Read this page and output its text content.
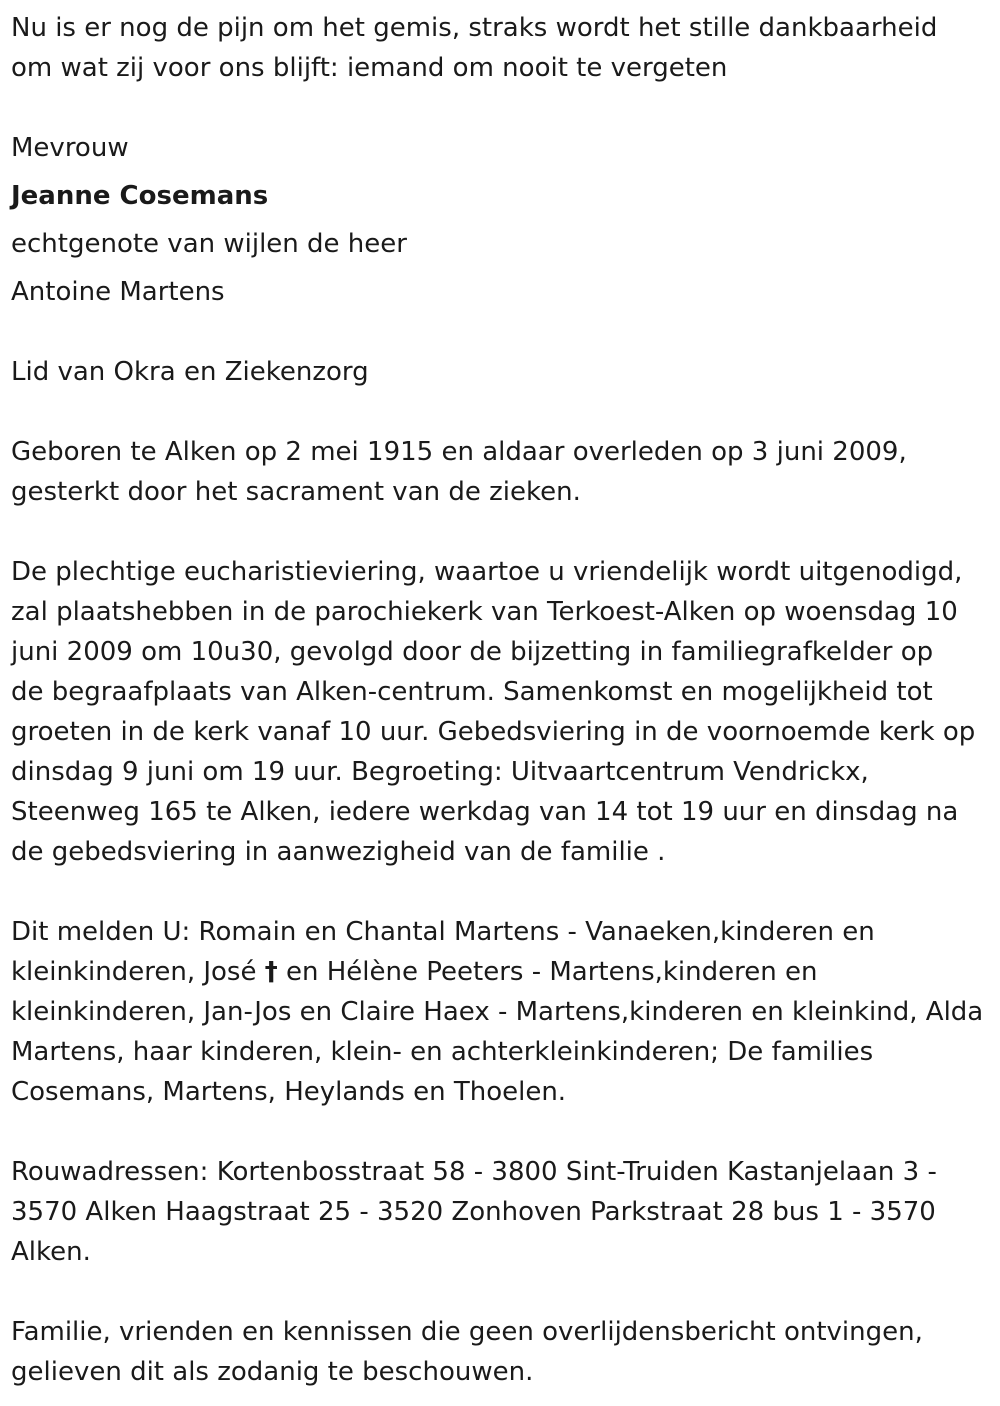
Nu is er nog de pijn om het gemis, straks wordt het stille dankbaarheid

om wat zij voor ons blijft: iemand om nooit te vergeten

Mevrouw

Jeanne Cosemans

echtgenote van wijlen de heer

Antoine Martens

Lid van Okra en Ziekenzorg

Geboren te Alken op 2 mei 1915 en aldaar overleden op 3 juni 2009,

gesterkt door het sacrament van de zieken.

De plechtige eucharistieviering, waartoe u vriendelijk wordt uitgenodigd,

zal plaatshebben in de parochiekerk van Terkoest-Alken op woensdag 10

juni 2009 om 10u30, gevolgd door de bijzetting in familiegrafkelder op

de begraafplaats van Alken-centrum. Samenkomst en mogelijkheid tot

groeten in de kerk vanaf 10 uur. Gebedsviering in de voornoemde kerk op

dinsdag 9 juni om 19 uur. Begroeting: Uitvaartcentrum Vendrickx,

Steenweg 165 te Alken, iedere werkdag van 14 tot 19 uur en dinsdag na

de gebedsviering in aanwezigheid van de familie .

Dit melden U: Romain en Chantal Martens - Vanaeken,kinderen en

kleinkinderen, José † en Hélène Peeters - Martens,kinderen en

kleinkinderen, Jan-Jos en Claire Haex - Martens,kinderen en kleinkind, Alda

Martens, haar kinderen, klein- en achterkleinkinderen; De families

Cosemans, Martens, Heylands en Thoelen.

Rouwadressen: Kortenbosstraat 58 - 3800 Sint-Truiden Kastanjelaan 3 -

3570 Alken Haagstraat 25 - 3520 Zonhoven Parkstraat 28 bus 1 - 3570

Alken.

Familie, vrienden en kennissen die geen overlijdensbericht ontvingen,

gelieven dit als zodanig te beschouwen.
